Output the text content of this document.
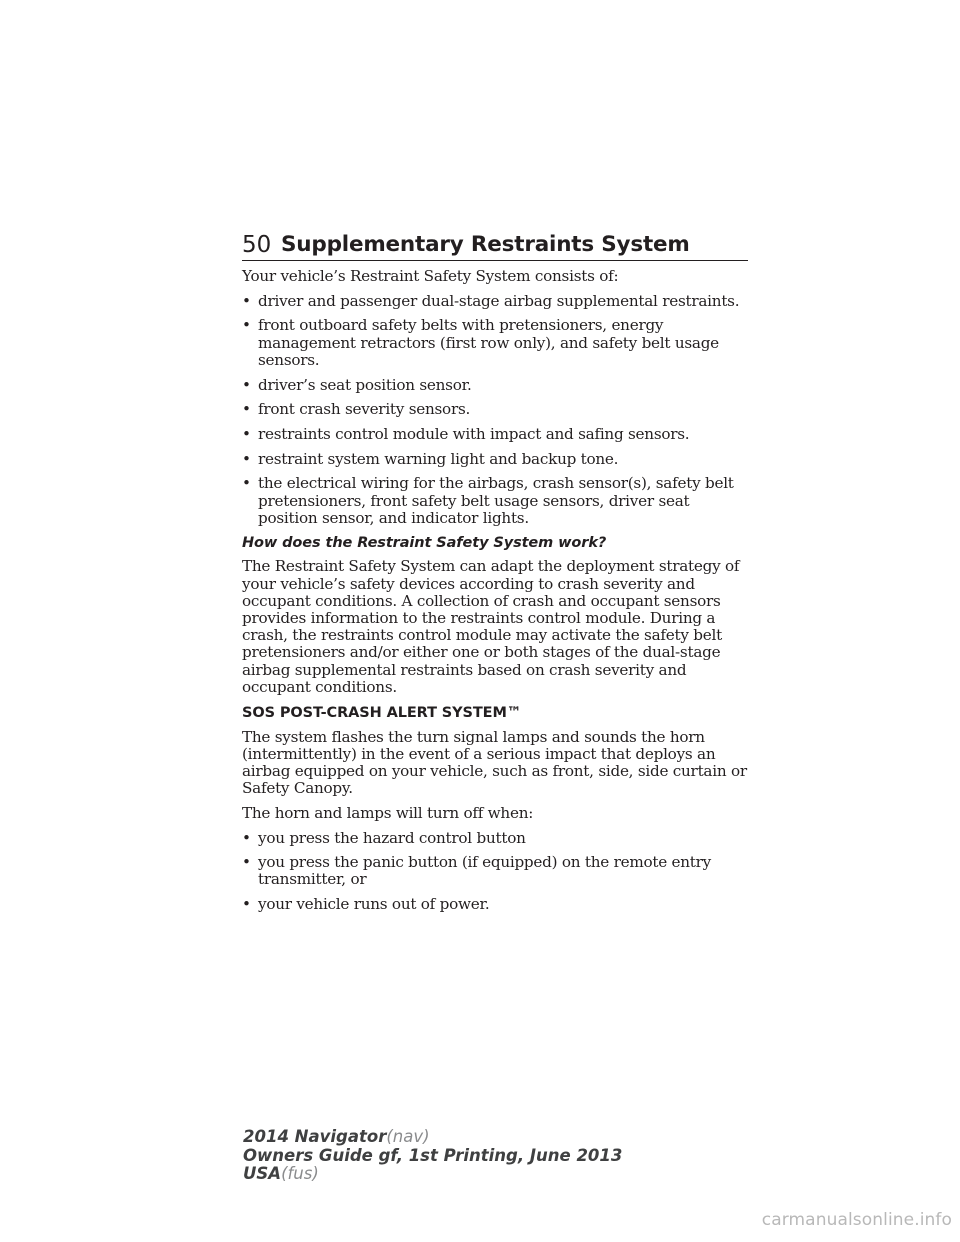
50 Supplementary Restraints System

Your vehicle’s Restraint Safety System consists of:

• driver and passenger dual-stage airbag supplemental restraints.
• front outboard safety belts with pretensioners, energy management retractors (first row only), and safety belt usage sensors.
• driver’s seat position sensor.
• front crash severity sensors.
• restraints control module with impact and safing sensors.
• restraint system warning light and backup tone.
• the electrical wiring for the airbags, crash sensor(s), safety belt pretensioners, front safety belt usage sensors, driver seat position sensor, and indicator lights.
How does the Restraint Safety System work?

The Restraint Safety System can adapt the deployment strategy of your vehicle’s safety devices according to crash severity and occupant conditions. A collection of crash and occupant sensors provides information to the restraints control module. During a crash, the restraints control module may activate the safety belt pretensioners and/or either one or both stages of the dual-stage airbag supplemental restraints based on crash severity and occupant conditions.

SOS POST-CRASH ALERT SYSTEM™

The system flashes the turn signal lamps and sounds the horn (intermittently) in the event of a serious impact that deploys an airbag equipped on your vehicle, such as front, side, side curtain or Safety Canopy.

The horn and lamps will turn off when:

• you press the hazard control button
• you press the panic button (if equipped) on the remote entry transmitter, or
• your vehicle runs out of power.
2014 Navigator(nav)
Owners Guide gf, 1st Printing, June 2013
USA(fus)
carmanualsonline.info
